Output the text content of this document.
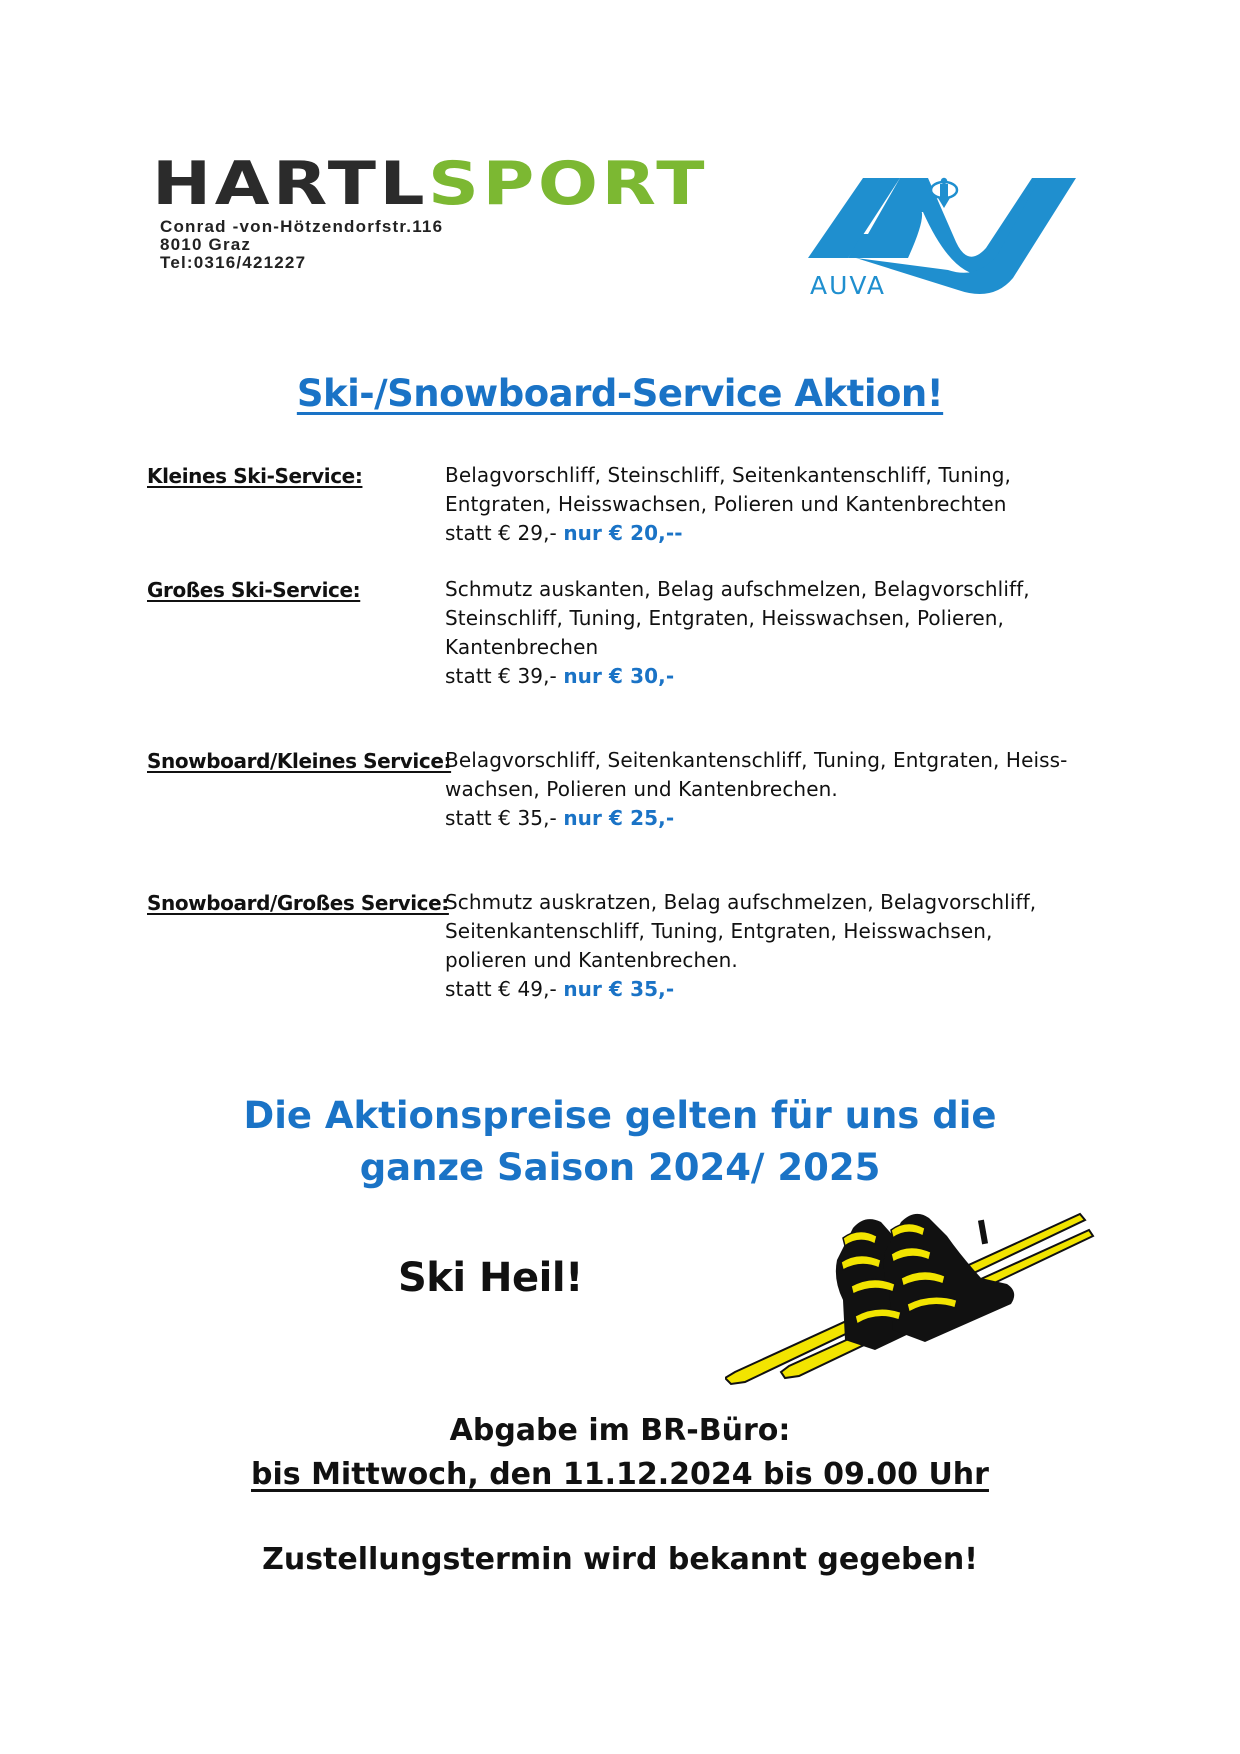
HARTL SPORT
Conrad -von-Hötzendorfstr.116
8010 Graz
Tel:0316/421227
AUVA
Ski-/Snowboard-Service Aktion!
Kleines Ski-Service:	Belagvorschliff, Steinschliff, Seitenkantenschliff, Tuning,

Entgraten, Heisswachsen, Polieren und Kantenbrechten

statt € 29,- nur € 20,--

Großes Ski-Service:	Schmutz auskanten, Belag aufschmelzen, Belagvorschliff,

Steinschliff, Tuning, Entgraten, Heisswachsen, Polieren,

Kantenbrechen

statt € 39,- nur € 30,-

Snowboard/Kleines Service:

Belagvorschliff, Seitenkantenschliff, Tuning, Entgraten, Heiss-

wachsen, Polieren und Kantenbrechen.

statt € 35,- nur € 25,-

Snowboard/Großes Service:

Schmutz auskratzen, Belag aufschmelzen, Belagvorschliff,

Seitenkantenschliff, Tuning, Entgraten, Heisswachsen,

polieren und Kantenbrechen.

statt € 49,- nur € 35,-

Die Aktionspreise gelten für uns die
ganze Saison 2024/ 2025
Ski Heil!
Abgabe im BR-Büro:
bis Mittwoch, den 11.12.2024 bis 09.00 Uhr
Zustellungstermin wird bekannt gegeben!
